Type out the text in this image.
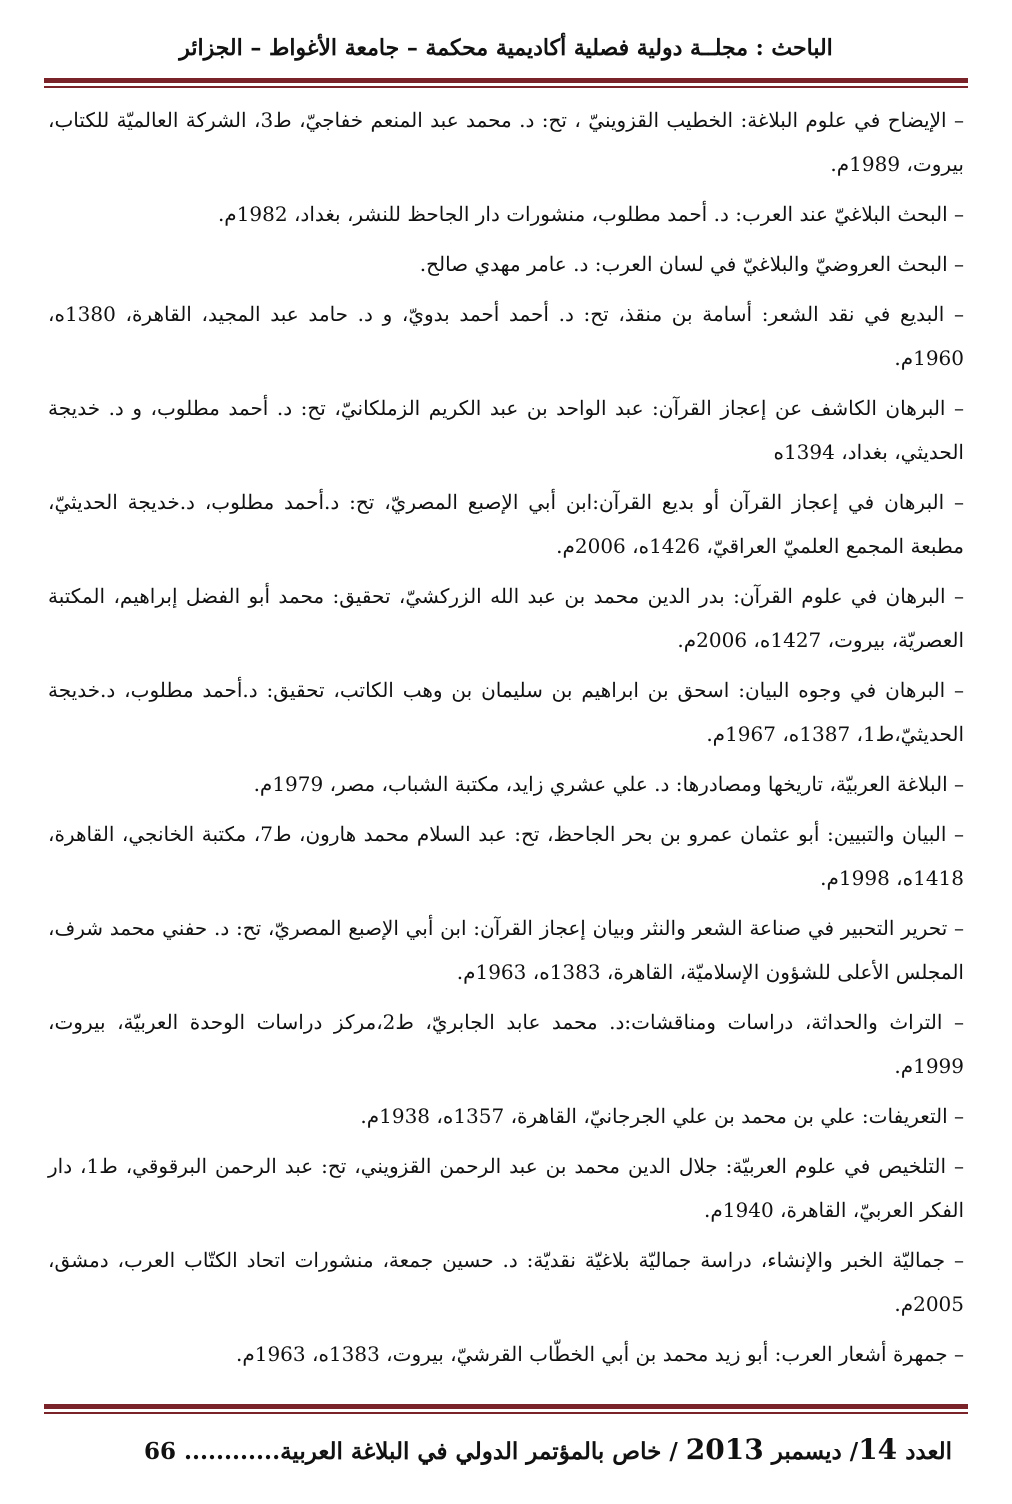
الباحث : مجلــة دولية فصلية أكاديمية محكمة – جامعة الأغواط – الجزائر

– الإيضاح في علوم البلاغة: الخطيب القزوينيّ ، تح: د. محمد عبد المنعم خفاجيّ، ط3، الشركة العالميّة للكتاب، بيروت، 1989م.

– البحث البلاغيّ عند العرب: د. أحمد مطلوب، منشورات دار الجاحظ للنشر، بغداد، 1982م.

– البحث العروضيّ والبلاغيّ في لسان العرب: د. عامر مهدي صالح.

– البديع في نقد الشعر: أسامة بن منقذ، تح: د. أحمد أحمد بدويّ، و د. حامد عبد المجيد، القاهرة، 1380ه، 1960م.

– البرهان الكاشف عن إعجاز القرآن: عبد الواحد بن عبد الكريم الزملكانيّ، تح: د. أحمد مطلوب، و د. خديجة الحديثي، بغداد، 1394ه

– البرهان في إعجاز القرآن أو بديع القرآن:ابن أبي الإصبع المصريّ، تح: د.أحمد مطلوب، د.خديجة الحديثيّ، مطبعة المجمع العلميّ العراقيّ، 1426ه، 2006م.

– البرهان في علوم القرآن: بدر الدين محمد بن عبد الله الزركشيّ، تحقيق: محمد أبو الفضل إبراهيم، المكتبة العصريّة، بيروت، 1427ه، 2006م.

– البرهان في وجوه البيان: اسحق بن ابراهيم بن سليمان بن وهب الكاتب، تحقيق: د.أحمد مطلوب، د.خديجة الحديثيّ،ط1، 1387ه، 1967م.

– البلاغة العربيّة، تاريخها ومصادرها: د. علي عشري زايد، مكتبة الشباب، مصر، 1979م.

– البيان والتبيين: أبو عثمان عمرو بن بحر الجاحظ، تح: عبد السلام محمد هارون، ط7، مكتبة الخانجي، القاهرة، 1418ه، 1998م.

– تحرير التحبير في صناعة الشعر والنثر وبيان إعجاز القرآن: ابن أبي الإصبع المصريّ، تح: د. حفني محمد شرف، المجلس الأعلى للشؤون الإسلاميّة، القاهرة، 1383ه، 1963م.

– التراث والحداثة، دراسات ومناقشات:د. محمد عابد الجابريّ، ط2،مركز دراسات الوحدة العربيّة، بيروت، 1999م.

– التعريفات: علي بن محمد بن علي الجرجانيّ، القاهرة، 1357ه، 1938م.

– التلخيص في علوم العربيّة: جلال الدين محمد بن عبد الرحمن القزويني، تح: عبد الرحمن البرقوقي، ط1، دار الفكر العربيّ، القاهرة، 1940م.

– جماليّة الخبر والإنشاء، دراسة جماليّة بلاغيّة نقديّة: د. حسين جمعة، منشورات اتحاد الكتّاب العرب، دمشق، 2005م.

– جمهرة أشعار العرب: أبو زيد محمد بن أبي الخطّاب القرشيّ، بيروت، 1383ه، 1963م.

العدد 14/ ديسمبر 2013 / خاص بالمؤتمر الدولي في البلاغة العربية............ 66
